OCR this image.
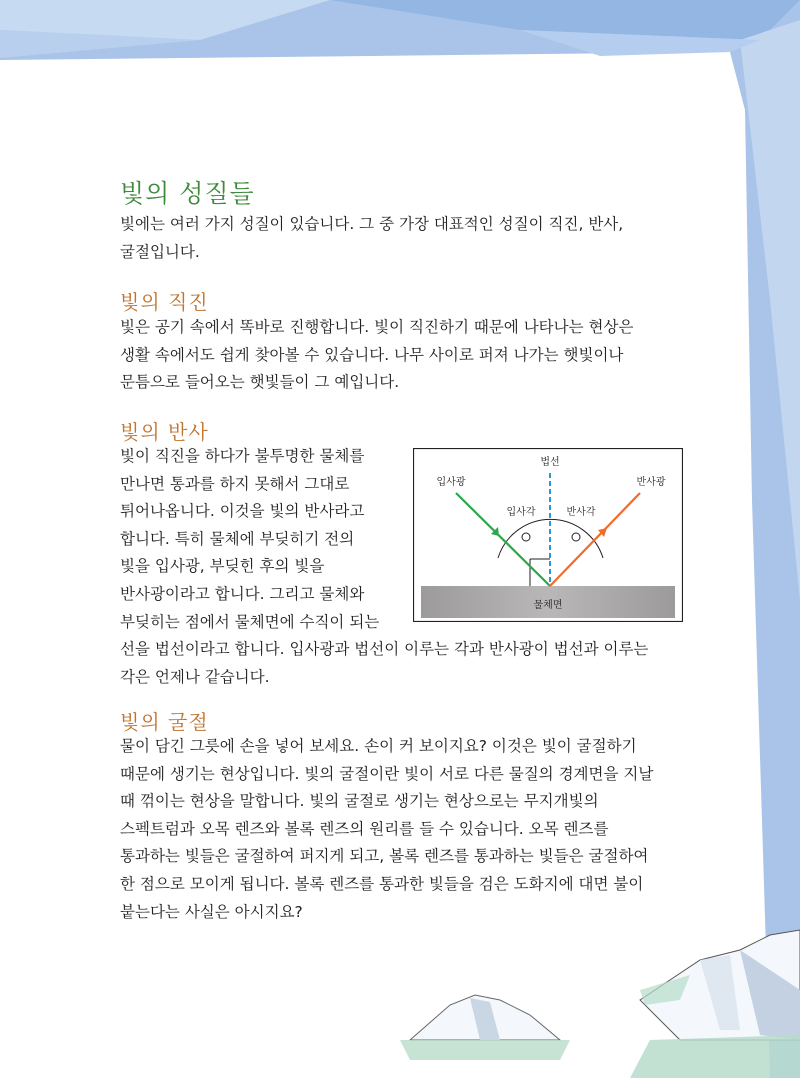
빛의 성질들
빛에는 여러 가지 성질이 있습니다. 그 중 가장 대표적인 성질이 직진, 반사,
굴절입니다.
빛의 직진
빛은 공기 속에서 똑바로 진행합니다. 빛이 직진하기 때문에 나타나는 현상은
생활 속에서도 쉽게 찾아볼 수 있습니다. 나무 사이로 퍼져 나가는 햇빛이나
문틈으로 들어오는 햇빛들이 그 예입니다.
빛의 반사
빛이 직진을 하다가 불투명한 물체를
만나면 통과를 하지 못해서 그대로
튀어나옵니다. 이것을 빛의 반사라고
합니다. 특히 물체에 부딪히기 전의
빛을 입사광, 부딪힌 후의 빛을
반사광이라고 합니다. 그리고 물체와
부딪히는 점에서 물체면에 수직이 되는
선을 법선이라고 합니다. 입사광과 법선이 이루는 각과 반사광이 법선과 이루는
각은 언제나 같습니다.
물체면
법선
입사광	반사광
입사각	반사각
빛의 굴절
물이 담긴 그릇에 손을 넣어 보세요. 손이 커 보이지요? 이것은 빛이 굴절하기
때문에 생기는 현상입니다. 빛의 굴절이란 빛이 서로 다른 물질의 경계면을 지날
때 꺾이는 현상을 말합니다. 빛의 굴절로 생기는 현상으로는 무지개빛의
스펙트럼과 오목 렌즈와 볼록 렌즈의 원리를 들 수 있습니다. 오목 렌즈를
통과하는 빛들은 굴절하여 퍼지게 되고, 볼록 렌즈를 통과하는 빛들은 굴절하여
한 점으로 모이게 됩니다. 볼록 렌즈를 통과한 빛들을 검은 도화지에 대면 불이
붙는다는 사실은 아시지요?
